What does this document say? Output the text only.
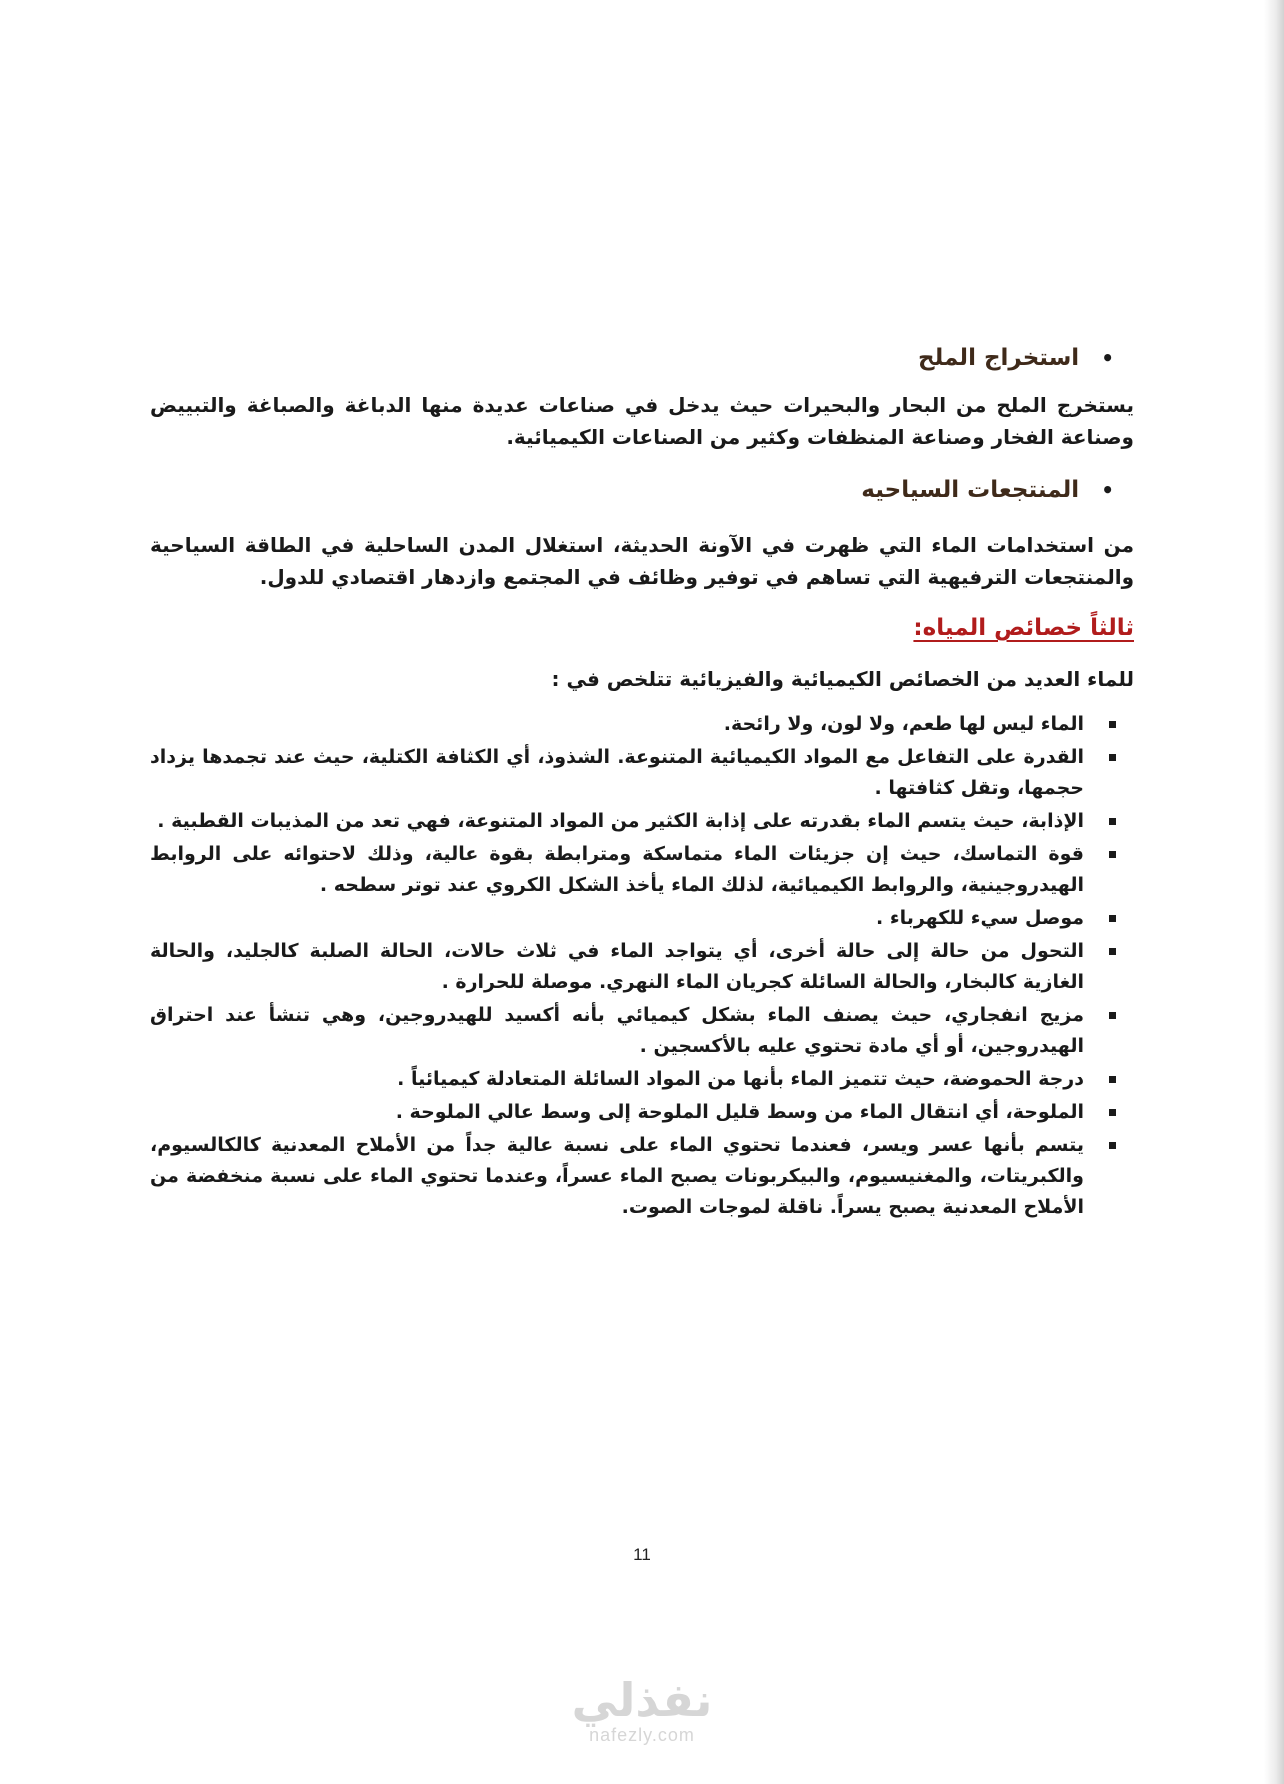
•
استخراج الملح

يستخرج الملح من البحار والبحيرات حيث يدخل في صناعات عديدة منها الدباغة والصباغة والتبييض وصناعة الفخار وصناعة المنظفات وكثير من الصناعات الكيميائية.

•
المنتجعات السياحيه

من استخدامات الماء التي ظهرت في الآونة الحديثة، استغلال المدن الساحلية في الطاقة السياحية والمنتجعات الترفيهية التي تساهم في توفير وظائف في المجتمع وازدهار اقتصادي للدول.

ثالثاً خصائص المياه:
للماء العديد من الخصائص الكيميائية والفيزيائية تتلخص في :
الماء ليس لها طعم، ولا لون، ولا رائحة.
القدرة على التفاعل مع المواد الكيميائية المتنوعة. الشذوذ، أي الكثافة الكتلية، حيث عند تجمدها يزداد حجمها، وتقل كثافتها .
الإذابة، حيث يتسم الماء بقدرته على إذابة الكثير من المواد المتنوعة، فهي تعد من المذيبات القطبية .
قوة التماسك، حيث إن جزيئات الماء متماسكة ومترابطة بقوة عالية، وذلك لاحتوائه على الروابط الهيدروجينية، والروابط الكيميائية، لذلك الماء يأخذ الشكل الكروي عند توتر سطحه .
موصل سيء للكهرباء .
التحول من حالة إلى حالة أخرى، أي يتواجد الماء في ثلاث حالات، الحالة الصلبة كالجليد، والحالة الغازية كالبخار، والحالة السائلة كجريان الماء النهري. موصلة للحرارة .
مزيج انفجاري، حيث يصنف الماء بشكل كيميائي بأنه أكسيد للهيدروجين، وهي تنشأ عند احتراق الهيدروجين، أو أي مادة تحتوي عليه بالأكسجين .
درجة الحموضة، حيث تتميز الماء بأنها من المواد السائلة المتعادلة كيميائياً .
الملوحة، أي انتقال الماء من وسط قليل الملوحة إلى وسط عالي الملوحة .
يتسم بأنها عسر ويسر، فعندما تحتوي الماء على نسبة عالية جداً من الأملاح المعدنية كالكالسيوم، والكبريتات، والمغنيسيوم، والبيكربونات يصبح الماء عسراً، وعندما تحتوي الماء على نسبة منخفضة من الأملاح المعدنية يصبح يسراً. ناقلة لموجات الصوت.
11
نفذلي
nafezly.com
